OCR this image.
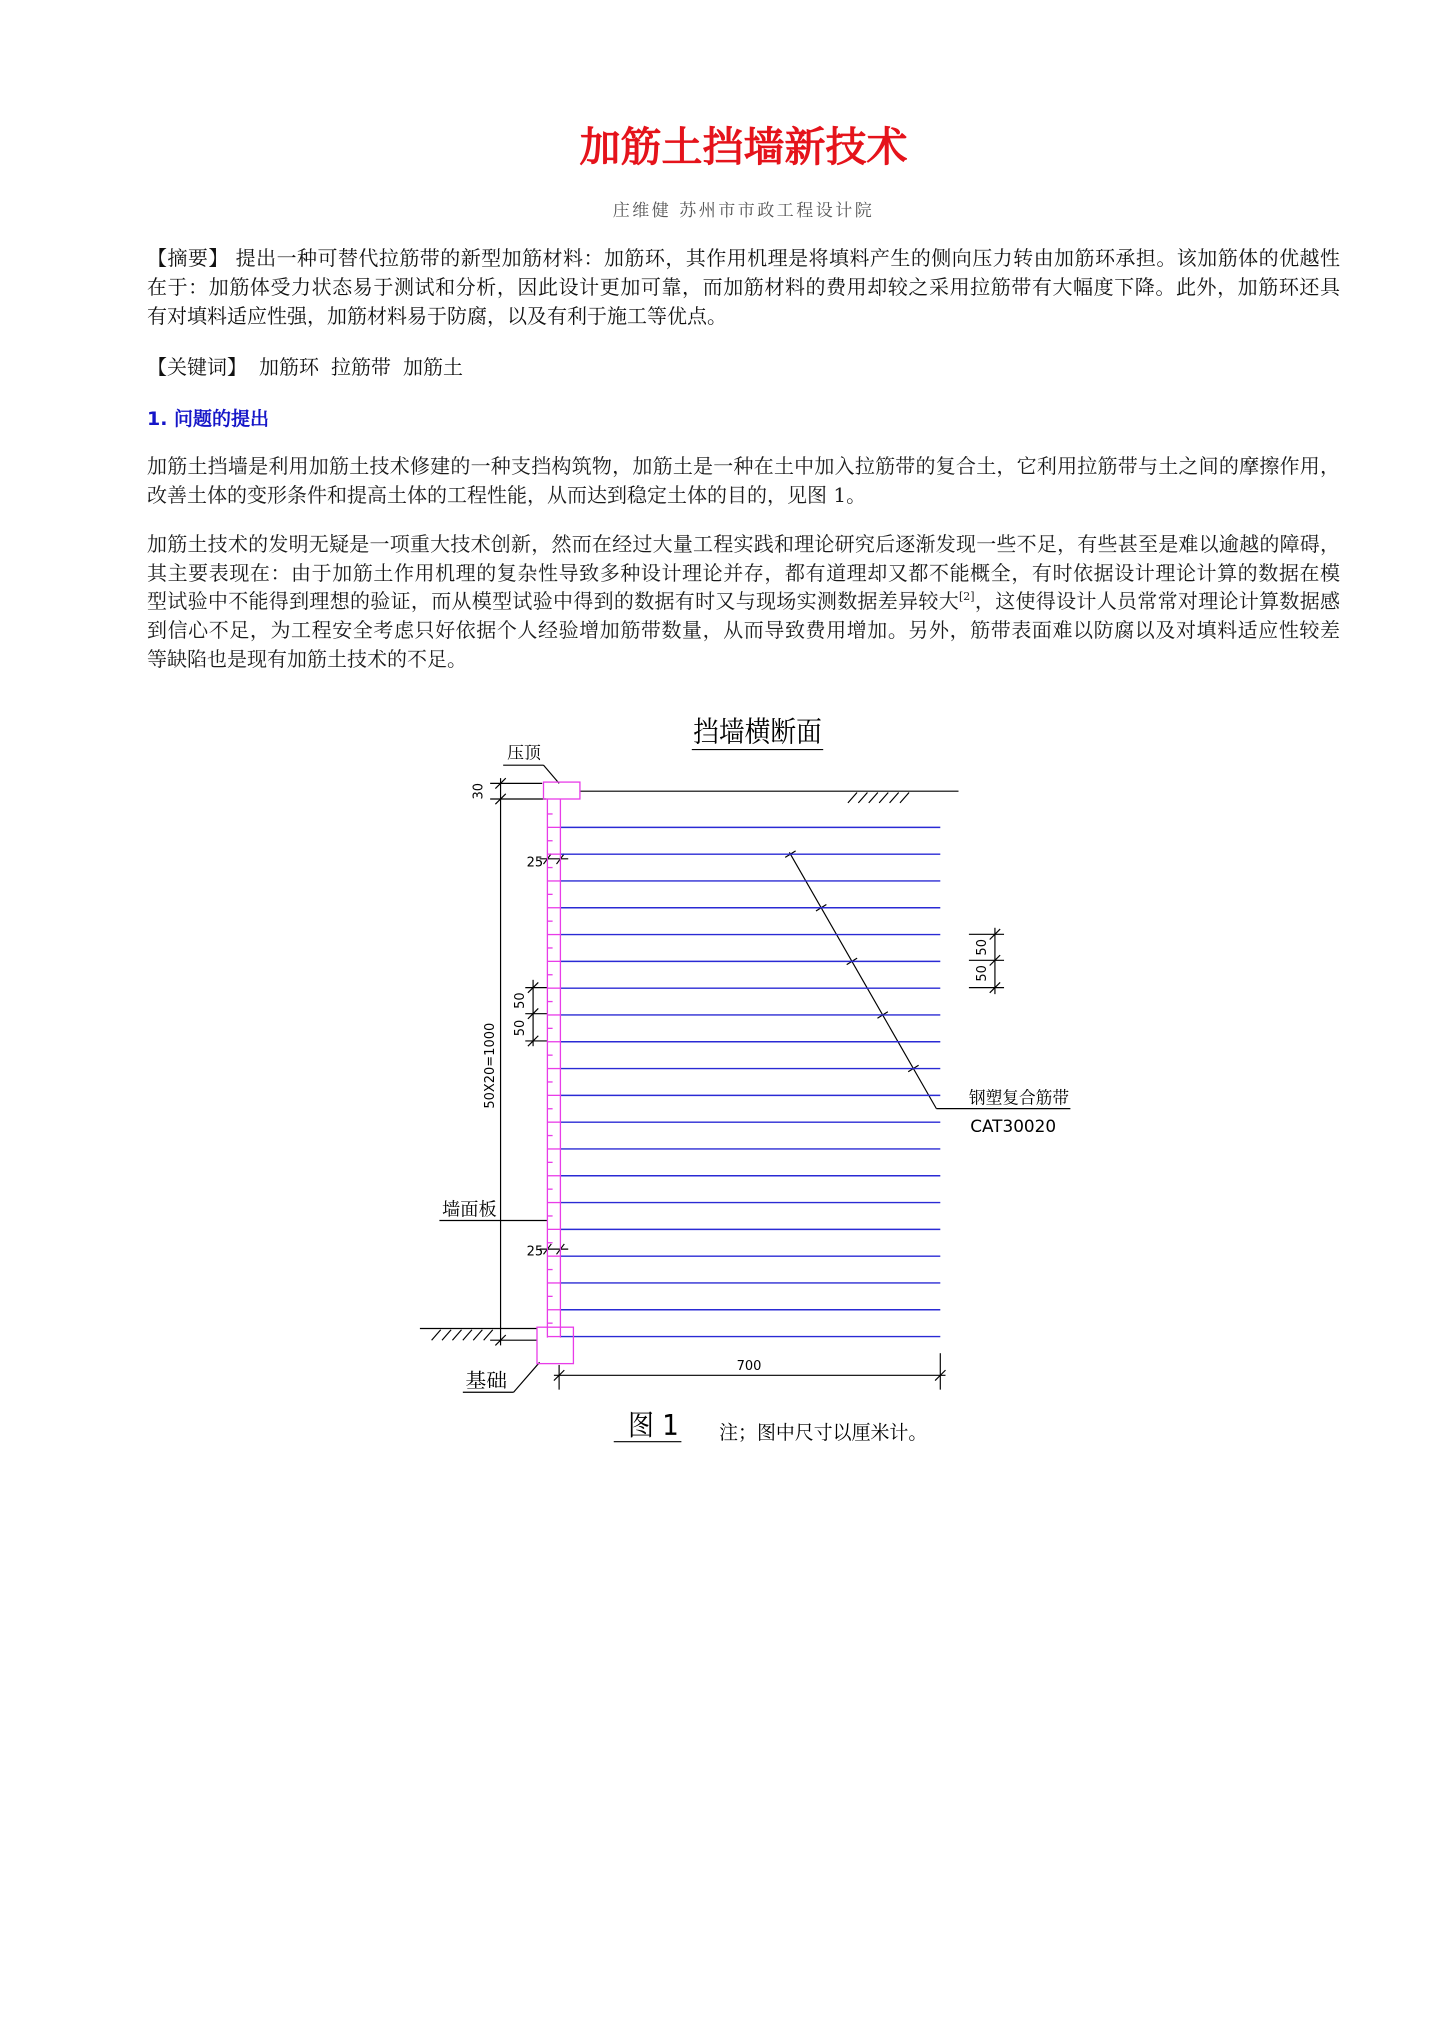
加筋土挡墙新技术
庄维健 苏州市市政工程设计院
【摘要】 提出一种可替代拉筋带的新型加筋材料：加筋环，其作用机理是将填料产生的侧向压力转由加筋环承担。该加筋体的优越性
在于：加筋体受力状态易于测试和分析，因此设计更加可靠，而加筋材料的费用却较之采用拉筋带有大幅度下降。此外，加筋环还具
有对填料适应性强，加筋材料易于防腐，以及有利于施工等优点。
【关键词】 加筋环 拉筋带 加筋土
1. 问题的提出
加筋土挡墙是利用加筋土技术修建的一种支挡构筑物，加筋土是一种在土中加入拉筋带的复合土，它利用拉筋带与土之间的摩擦作用，
改善土体的变形条件和提高土体的工程性能，从而达到稳定土体的目的，见图 1。
加筋土技术的发明无疑是一项重大技术创新，然而在经过大量工程实践和理论研究后逐渐发现一些不足，有些甚至是难以逾越的障碍，
其主要表现在：由于加筋土作用机理的复杂性导致多种设计理论并存，都有道理却又都不能概全，有时依据设计理论计算的数据在模
型试验中不能得到理想的验证，而从模型试验中得到的数据有时又与现场实测数据差异较大[2]，这使得设计人员常常对理论计算数据感
到信心不足，为工程安全考虑只好依据个人经验增加筋带数量，从而导致费用增加。另外，筋带表面难以防腐以及对填料适应性较差
等缺陷也是现有加筋土技术的不足。
挡墙横断面
压顶
30
25
25
50
50
50X20=1000
墙面板
钢塑复合筋带
CAT30020
基础
700
50
50
图 1	注；图中尺寸以厘米计。
